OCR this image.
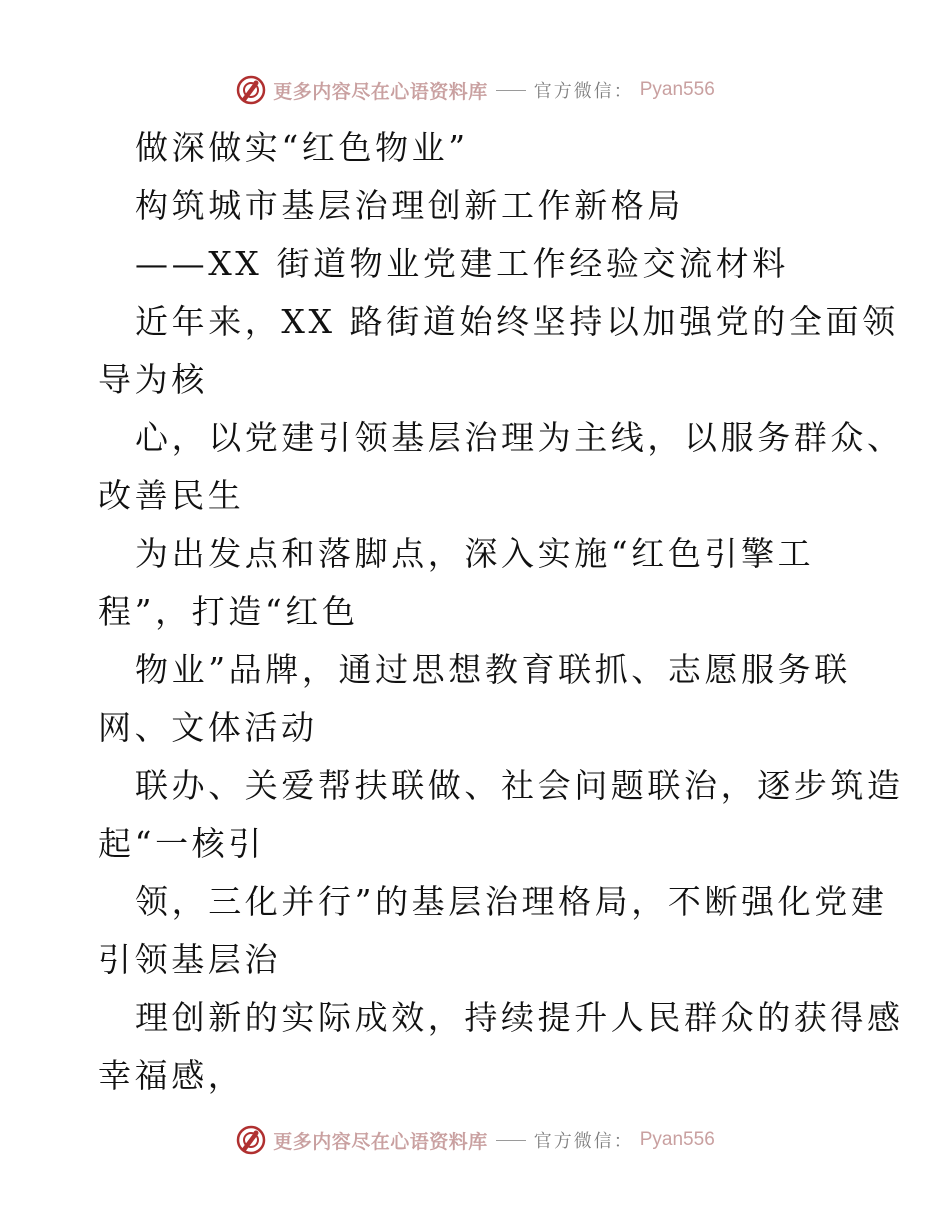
更多内容尽在心语资料库	官方微信： Pyan556
做深做实“红色物业”
构筑城市基层治理创新工作新格局
——XX 街道物业党建工作经验交流材料
近年来，XX 路街道始终坚持以加强党的全面领
导为核
心，以党建引领基层治理为主线，以服务群众、
改善民生
为出发点和落脚点，深入实施“红色引擎工
程”，打造“红色
物业”品牌，通过思想教育联抓、志愿服务联
网、文体活动
联办、关爱帮扶联做、社会问题联治，逐步筑造
起“一核引
领，三化并行”的基层治理格局，不断强化党建
引领基层治
理创新的实际成效，持续提升人民群众的获得感
幸福感，
更多内容尽在心语资料库	官方微信： Pyan556
